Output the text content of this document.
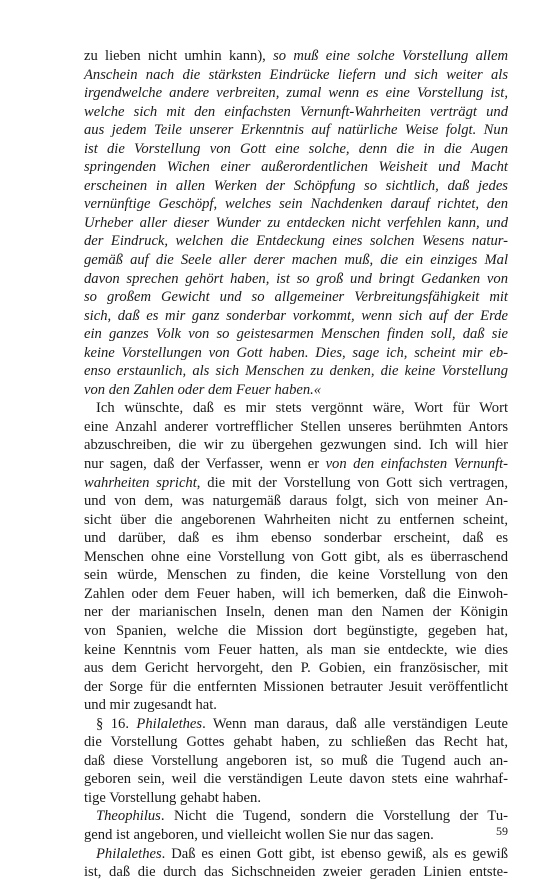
zu lieben nicht umhin kann), so muß eine solche Vorstellung allem
Anschein nach die stärksten Eindrücke liefern und sich weiter als
irgendwelche andere verbreiten, zumal wenn es eine Vorstellung ist,
welche sich mit den einfachsten Vernunft-Wahrheiten verträgt und
aus jedem Teile unserer Erkenntnis auf natürliche Weise folgt. Nun
ist die Vorstellung von Gott eine solche, denn die in die Augen
springenden Wichen einer außerordentlichen Weisheit und Macht
erscheinen in allen Werken der Schöpfung so sichtlich, daß jedes
vernünftige Geschöpf, welches sein Nachdenken darauf richtet, den
Urheber aller dieser Wunder zu entdecken nicht verfehlen kann, und
der Eindruck, welchen die Entdeckung eines solchen Wesens natur-
gemäß auf die Seele aller derer machen muß, die ein einziges Mal
davon sprechen gehört haben, ist so groß und bringt Gedanken von
so großem Gewicht und so allgemeiner Verbreitungsfähigkeit mit
sich, daß es mir ganz sonderbar vorkommt, wenn sich auf der Erde
ein ganzes Volk von so geistesarmen Menschen finden soll, daß sie
keine Vorstellungen von Gott haben. Dies, sage ich, scheint mir eb-
enso erstaunlich, als sich Menschen zu denken, die keine Vorstellung
von den Zahlen oder dem Feuer haben.«
Ich wünschte, daß es mir stets vergönnt wäre, Wort für Wort
eine Anzahl anderer vortrefflicher Stellen unseres berühmten Antors
abzuschreiben, die wir zu übergehen gezwungen sind. Ich will hier
nur sagen, daß der Verfasser, wenn er von den einfachsten Vernunft-
wahrheiten spricht, die mit der Vorstellung von Gott sich vertragen,
und von dem, was naturgemäß daraus folgt, sich von meiner An-
sicht über die angeborenen Wahrheiten nicht zu entfernen scheint,
und darüber, daß es ihm ebenso sonderbar erscheint, daß es
Menschen ohne eine Vorstellung von Gott gibt, als es überraschend
sein würde, Menschen zu finden, die keine Vorstellung von den
Zahlen oder dem Feuer haben, will ich bemerken, daß die Einwoh-
ner der marianischen Inseln, denen man den Namen der Königin
von Spanien, welche die Mission dort begünstigte, gegeben hat,
keine Kenntnis vom Feuer hatten, als man sie entdeckte, wie dies
aus dem Gericht hervorgeht, den P. Gobien, ein französischer, mit
der Sorge für die entfernten Missionen betrauter Jesuit veröffentlicht
und mir zugesandt hat.
§ 16. Philalethes. Wenn man daraus, daß alle verständigen Leute
die Vorstellung Gottes gehabt haben, zu schließen das Recht hat,
daß diese Vorstellung angeboren ist, so muß die Tugend auch an-
geboren sein, weil die verständigen Leute davon stets eine wahrhaf-
tige Vorstellung gehabt haben.
Theophilus. Nicht die Tugend, sondern die Vorstellung der Tu-
gend ist angeboren, und vielleicht wollen Sie nur das sagen.
Philalethes. Daß es einen Gott gibt, ist ebenso gewiß, als es gewiß
ist, daß die durch das Sichschneiden zweier geraden Linien entste-
59
